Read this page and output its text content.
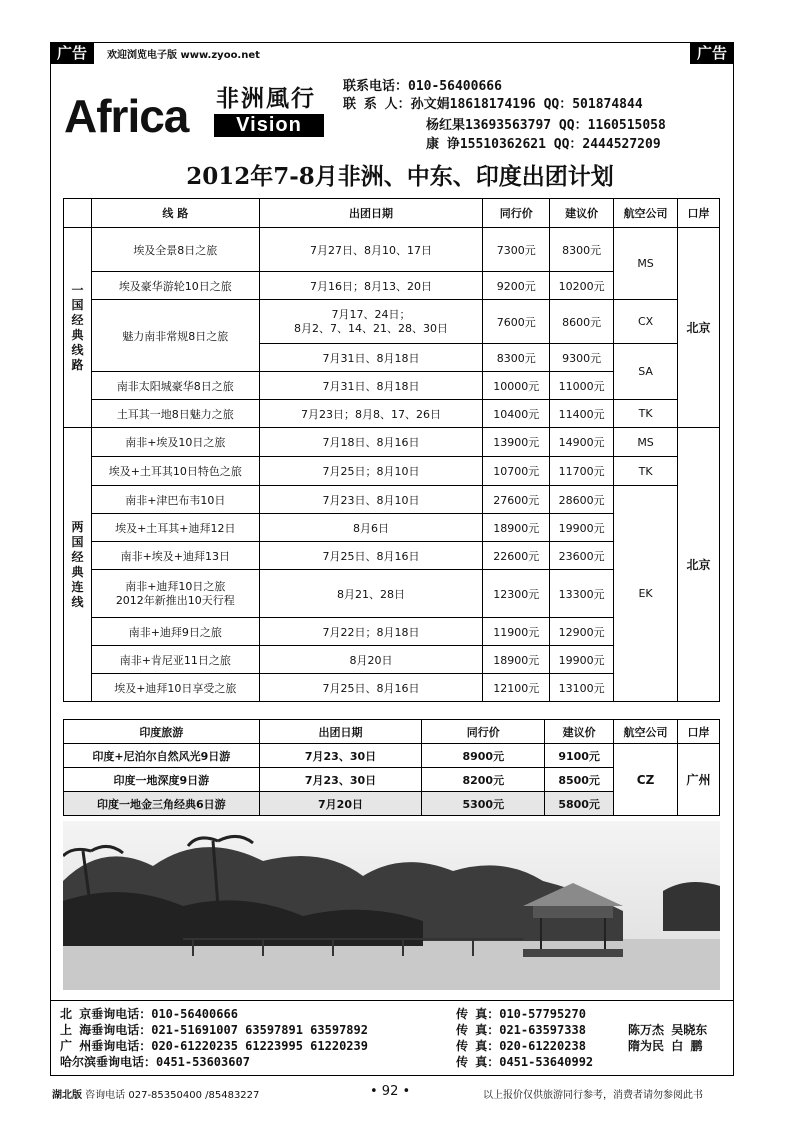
广告	广告
欢迎浏览电子版 www.zyoo.net
Africa 非洲風行
Vision
联系电话：010-56400666
联 系 人：孙文娟18618174196 QQ：501874844
杨红果13693563797 QQ：1160515058
康 诤15510362621 QQ：2444527209
2012年7-8月非洲、中东、印度出团计划
	线 路	出团日期	同行价	建议价	航空公司	口岸

一国经典线路	埃及全景8日之旅	7月27日、8月10、17日	7300元	8300元	MS	北京
	埃及豪华游轮10日之旅	7月16日；8月13、20日	9200元	10200元		
	魅力南非常规8日之旅	7月17、24日；
8月2、7、14、21、28、30日	7600元	8600元	CX	
		7月31日、8月18日	8300元	9300元	SA	
	南非太阳城豪华8日之旅	7月31日、8月18日	10000元	11000元		
	土耳其一地8日魅力之旅	7月23日；8月8、17、26日	10400元	11400元	TK	

两国经典连线	南非+埃及10日之旅	7月18日、8月16日	13900元	14900元	MS	北京
	埃及+土耳其10日特色之旅	7月25日；8月10日	10700元	11700元	TK	
	南非+津巴布韦10日	7月23日、8月10日	27600元	28600元	EK	
	埃及+土耳其+迪拜12日	8月6日	18900元	19900元		
	南非+埃及+迪拜13日	7月25日、8月16日	22600元	23600元		

	南非+迪拜10日之旅
2012年新推出10天行程	8月21、28日	12300元	13300元		
	南非+迪拜9日之旅	7月22日；8月18日	11900元	12900元		
	南非+肯尼亚11日之旅	8月20日	18900元	19900元		
	埃及+迪拜10日享受之旅	7月25日、8月16日	12100元	13100元		
印度旅游	出团日期	同行价	建议价	航空公司	口岸
印度+尼泊尔自然风光9日游	7月23、30日	8900元	9100元	CZ	广州
印度一地深度9日游	7月23、30日	8200元	8500元		
印度一地金三角经典6日游	7月20日	5300元	5800元		
北 京垂询电话：010-56400666
上 海垂询电话：021-51691007 63597891 63597892
广 州垂询电话：020-61220235 61223995 61220239
哈尔滨垂询电话：0451-53603607
传 真：010-57795270
传 真：021-63597338
传 真：020-61220238
传 真：0451-53640992
陈万杰 吴晓东
隋为民 白 鹏
湖北版 咨询电话 027-85350400 /85483227	• 92 •	以上报价仅供旅游同行参考，消费者请勿参阅此书
